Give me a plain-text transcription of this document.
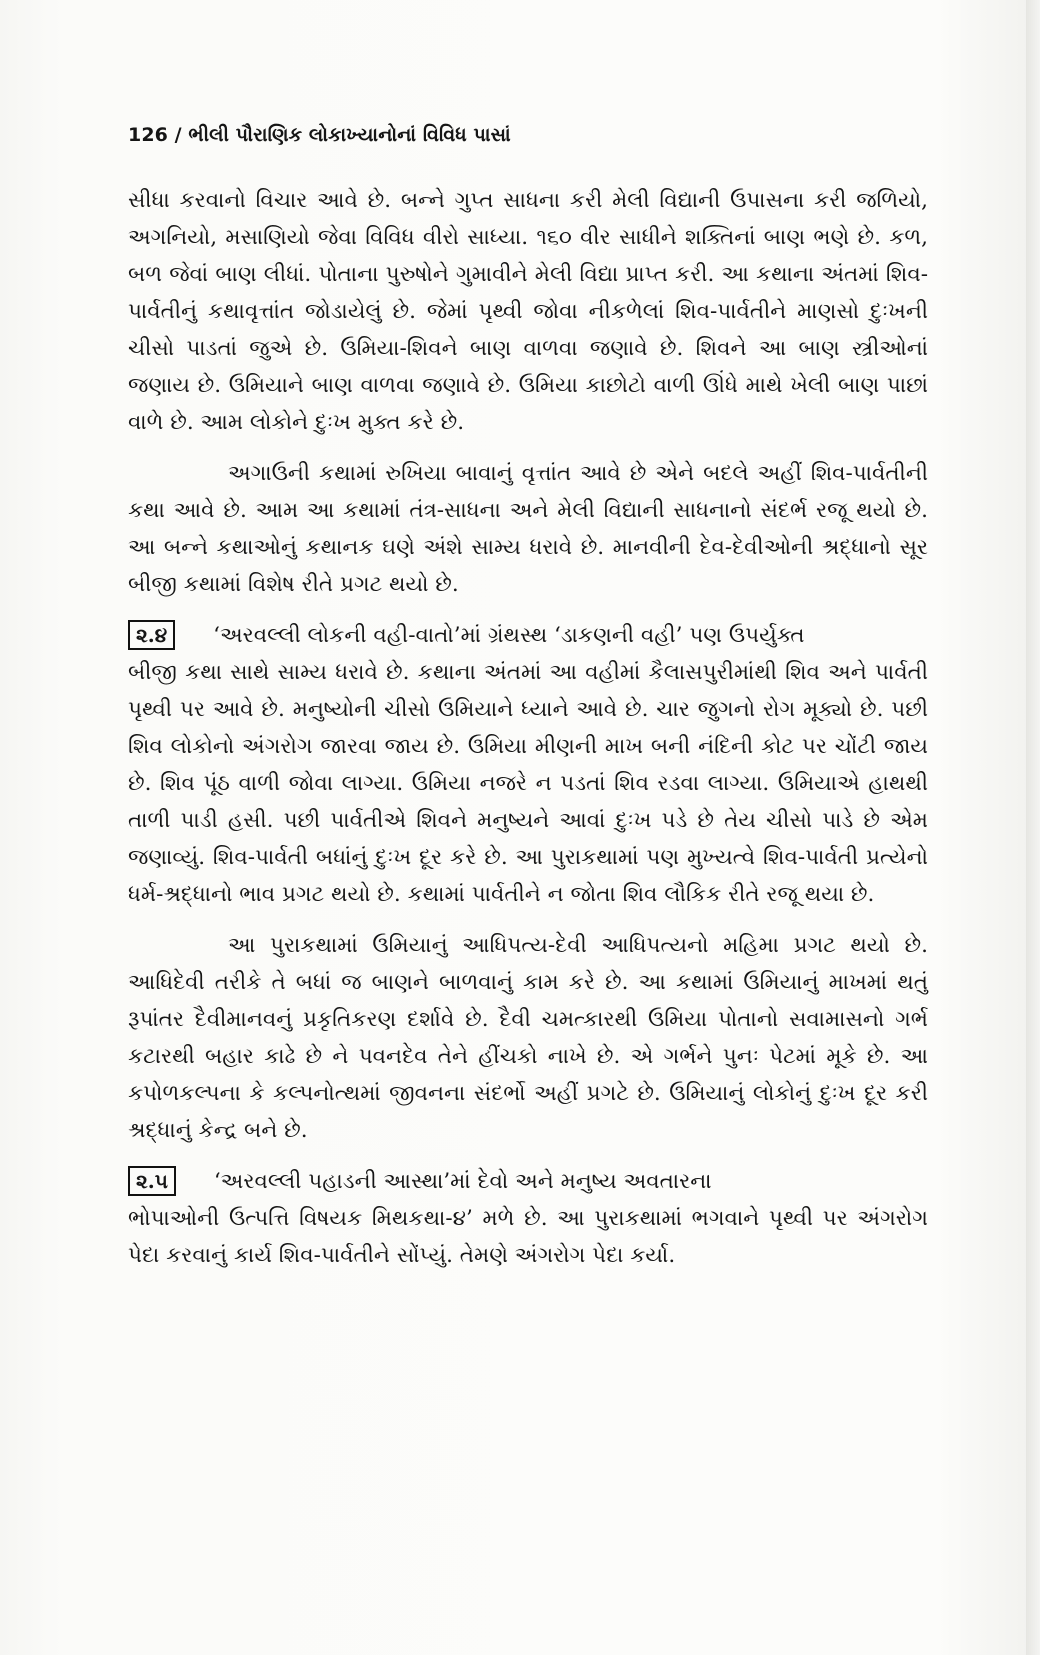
126 / ભીલી પૌરાણિક લોકાખ્યાનોનાં વિવિધ પાસાં

સીધા કરવાનો વિચાર આવે છે. બન્ને ગુપ્ત સાધના કરી મેલી વિદ્યાની ઉપાસના કરી જળિયો, અગનિયો, મસાણિયો જેવા વિવિધ વીરો સાધ્યા. ૧૬૦ વીર સાધીને શક્તિનાં બાણ ભણે છે. કળ, બળ જેવાં બાણ લીધાં. પોતાના પુરુષોને ગુમાવીને મેલી વિદ્યા પ્રાપ્ત કરી. આ કથાના અંતમાં શિવ-પાર્વતીનું કથાવૃત્તાંત જોડાયેલું છે. જેમાં પૃથ્વી જોવા નીકળેલાં શિવ-પાર્વતીને માણસો દુઃખની ચીસો પાડતાં જુએ છે. ઉમિયા-શિવને બાણ વાળવા જણાવે છે. શિવને આ બાણ સ્ત્રીઓનાં જણાય છે. ઉમિયાને બાણ વાળવા જણાવે છે. ઉમિયા કાછોટો વાળી ઊંધે માથે ખેલી બાણ પાછાં વાળે છે. આમ લોકોને દુઃખ મુક્ત કરે છે.

અગાઉની કથામાં રુખિયા બાવાનું વૃત્તાંત આવે છે એને બદલે અહીં શિવ-પાર્વતીની કથા આવે છે. આમ આ કથામાં તંત્ર-સાધના અને મેલી વિદ્યાની સાધનાનો સંદર્ભ રજૂ થયો છે. આ બન્ને કથાઓનું કથાનક ઘણે અંશે સામ્ય ધરાવે છે. માનવીની દેવ-દેવીઓની શ્રદ્ધાનો સૂર બીજી કથામાં વિશેષ રીતે પ્રગટ થયો છે.

૨.૪	‘અરવલ્લી લોકની વહી-વાતો’માં ગ્રંથસ્થ ‘ડાકણની વહી’ પણ ઉપર્યુક્ત

બીજી કથા સાથે સામ્ય ધરાવે છે. કથાના અંતમાં આ વહીમાં કૈલાસપુરીમાંથી શિવ અને પાર્વતી પૃથ્વી પર આવે છે. મનુષ્યોની ચીસો ઉમિયાને ધ્યાને આવે છે. ચાર જુગનો રોગ મૂક્યો છે. પછી શિવ લોકોનો અંગરોગ જારવા જાય છે. ઉમિયા મીણની માખ બની નંદિની કોટ પર ચોંટી જાય છે. શિવ પૂંઠ વાળી જોવા લાગ્યા. ઉમિયા નજરે ન પડતાં શિવ રડવા લાગ્યા. ઉમિયાએ હાથથી તાળી પાડી હસી. પછી પાર્વતીએ શિવને મનુષ્યને આવાં દુઃખ પડે છે તેય ચીસો પાડે છે એમ જણાવ્યું. શિવ-પાર્વતી બધાંનું દુઃખ દૂર કરે છે. આ પુરાકથામાં પણ મુખ્યત્વે શિવ-પાર્વતી પ્રત્યેનો ધર્મ-શ્રદ્ધાનો ભાવ પ્રગટ થયો છે. કથામાં પાર્વતીને ન જોતા શિવ લૌકિક રીતે રજૂ થયા છે.

આ પુરાકથામાં ઉમિયાનું આધિપત્ય-દેવી આધિપત્યનો મહિમા પ્રગટ થયો છે. આધિદેવી તરીકે તે બધાં જ બાણને બાળવાનું કામ કરે છે. આ કથામાં ઉમિયાનું માખમાં થતું રૂપાંતર દૈવીમાનવનું પ્રકૃતિકરણ દર્શાવે છે. દૈવી ચમત્કારથી ઉમિયા પોતાનો સવામાસનો ગર્ભ કટારથી બહાર કાઢે છે ને પવનદેવ તેને હીંચકો નાખે છે. એ ગર્ભને પુનઃ પેટમાં મૂકે છે. આ કપોળકલ્પના કે કલ્પનોત્થમાં જીવનના સંદર્ભો અહીં પ્રગટે છે. ઉમિયાનું લોકોનું દુઃખ દૂર કરી શ્રદ્ધાનું કેન્દ્ર બને છે.

૨.૫	‘અરવલ્લી પહાડની આસ્થા’માં દેવો અને મનુષ્ય અવતારના

ભોપાઓની ઉત્પત્તિ વિષયક મિથકથા-૪’ મળે છે. આ પુરાકથામાં ભગવાને પૃથ્વી પર અંગરોગ પેદા કરવાનું કાર્ય શિવ-પાર્વતીને સોંપ્યું. તેમણે અંગરોગ પેદા કર્યા.
